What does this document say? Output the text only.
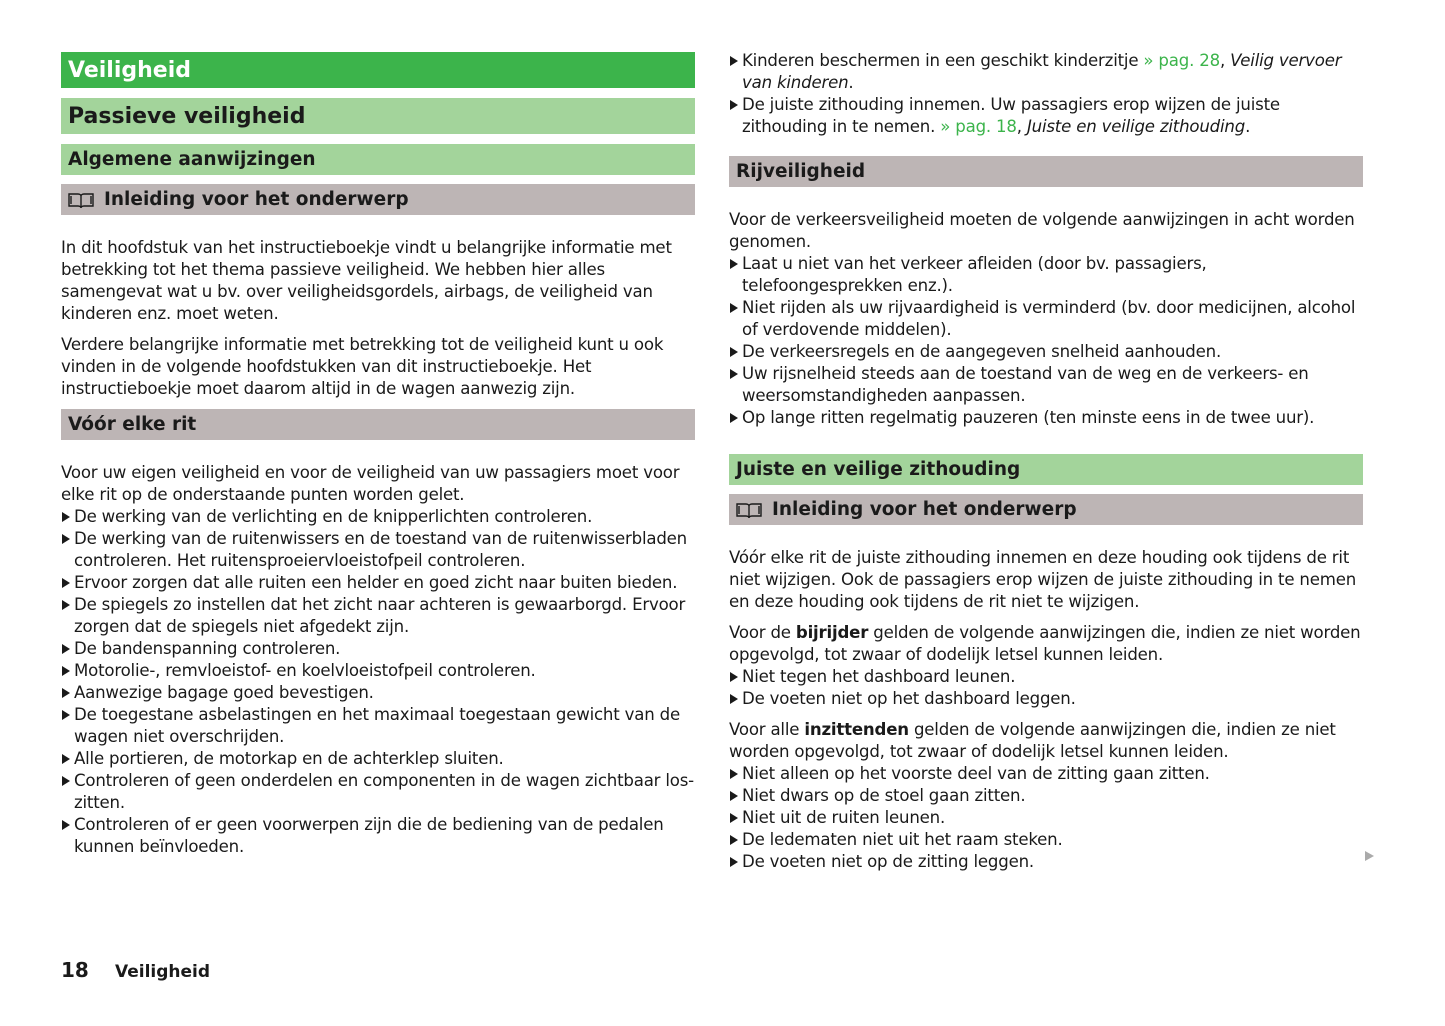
Veiligheid
Passieve veiligheid
Algemene aanwijzingen
Inleiding voor het onderwerp
In dit hoofdstuk van het instructieboekje vindt u belangrijke informatie met betrekking tot het thema passieve veiligheid. We hebben hier alles samengevat wat u bv. over veiligheidsgordels, airbags, de veiligheid van kinderen enz. moet weten.
Verdere belangrijke informatie met betrekking tot de veiligheid kunt u ook vinden in de volgende hoofdstukken van dit instructieboekje. Het instructieboekje moet daarom altijd in de wagen aanwezig zijn.
Vóór elke rit
Voor uw eigen veiligheid en voor de veiligheid van uw passagiers moet voor elke rit op de onderstaande punten worden gelet.
De werking van de verlichting en de knipperlichten controleren.
De werking van de ruitenwissers en de toestand van de ruitenwisserbladen controleren. Het ruitensproeiervloeistofpeil controleren.
Ervoor zorgen dat alle ruiten een helder en goed zicht naar buiten bieden.
De spiegels zo instellen dat het zicht naar achteren is gewaarborgd. Ervoor zorgen dat de spiegels niet afgedekt zijn.
De bandenspanning controleren.
Motorolie-, remvloeistof- en koelvloeistofpeil controleren.
Aanwezige bagage goed bevestigen.
De toegestane asbelastingen en het maximaal toegestaan gewicht van de wagen niet overschrijden.
Alle portieren, de motorkap en de achterklep sluiten.
Controleren of geen onderdelen en componenten in de wagen zichtbaar loszitten.
Controleren of er geen voorwerpen zijn die de bediening van de pedalen kunnen beïnvloeden.
Kinderen beschermen in een geschikt kinderzitje » pag. 28, Veilig vervoer van kinderen.
De juiste zithouding innemen. Uw passagiers erop wijzen de juiste zithouding in te nemen. » pag. 18, Juiste en veilige zithouding.
Rijveiligheid
Voor de verkeersveiligheid moeten de volgende aanwijzingen in acht worden genomen.
Laat u niet van het verkeer afleiden (door bv. passagiers, telefoongesprekken enz.).
Niet rijden als uw rijvaardigheid is verminderd (bv. door medicijnen, alcohol of verdovende middelen).
De verkeersregels en de aangegeven snelheid aanhouden.
Uw rijsnelheid steeds aan de toestand van de weg en de verkeers- en weersomstandigheden aanpassen.
Op lange ritten regelmatig pauzeren (ten minste eens in de twee uur).
Juiste en veilige zithouding
Inleiding voor het onderwerp
Vóór elke rit de juiste zithouding innemen en deze houding ook tijdens de rit niet wijzigen. Ook de passagiers erop wijzen de juiste zithouding in te nemen en deze houding ook tijdens de rit niet te wijzigen.
Voor de bijrijder gelden de volgende aanwijzingen die, indien ze niet worden opgevolgd, tot zwaar of dodelijk letsel kunnen leiden.
Niet tegen het dashboard leunen.
De voeten niet op het dashboard leggen.
Voor alle inzittenden gelden de volgende aanwijzingen die, indien ze niet worden opgevolgd, tot zwaar of dodelijk letsel kunnen leiden.
Niet alleen op het voorste deel van de zitting gaan zitten.
Niet dwars op de stoel gaan zitten.
Niet uit de ruiten leunen.
De ledematen niet uit het raam steken.
De voeten niet op de zitting leggen.
18	Veiligheid
